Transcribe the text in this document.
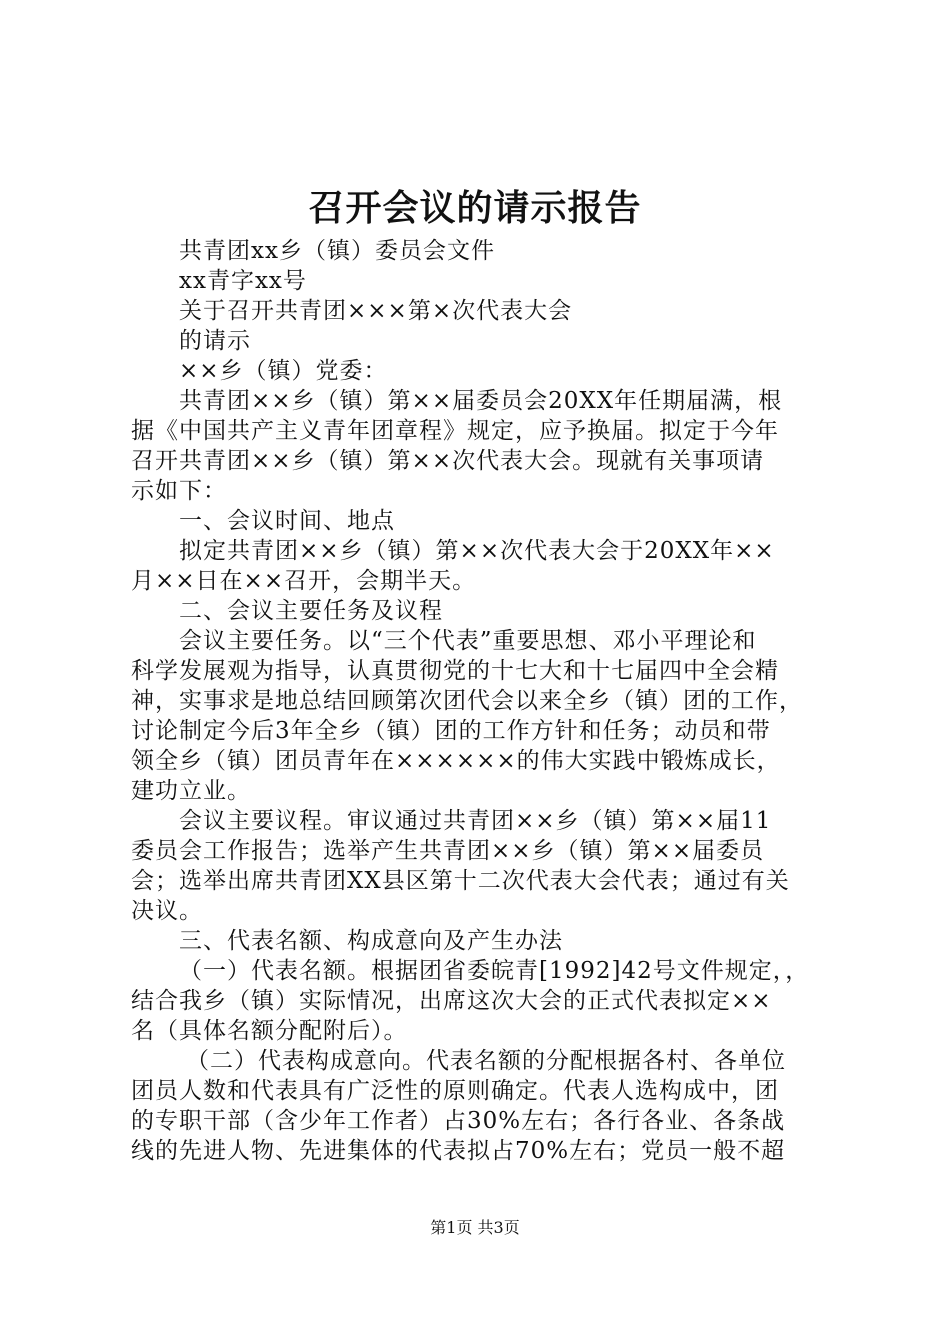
召开会议的请示报告
共青团xx乡（镇）委员会文件
xx青字xx号
关于召开共青团×××第×次代表大会
的请示
××乡（镇）党委：
共青团××乡（镇）第××届委员会20XX年任期届满，根
据《中国共产主义青年团章程》规定，应予换届。拟定于今年
召开共青团××乡（镇）第××次代表大会。现就有关事项请
示如下：
一、会议时间、地点
拟定共青团××乡（镇）第××次代表大会于20XX年××
月××日在××召开，会期半天。
二、会议主要任务及议程
会议主要任务。以“三个代表”重要思想、邓小平理论和
科学发展观为指导，认真贯彻党的十七大和十七届四中全会精
神，实事求是地总结回顾第次团代会以来全乡（镇）团的工作，
讨论制定今后3年全乡（镇）团的工作方针和任务；动员和带
领全乡（镇）团员青年在××××××的伟大实践中锻炼成长，
建功立业。
会议主要议程。审议通过共青团××乡（镇）第××届11
委员会工作报告；选举产生共青团××乡（镇）第××届委员
会；选举出席共青团XX县区第十二次代表大会代表；通过有关
决议。
三、代表名额、构成意向及产生办法
（一）代表名额。根据团省委皖青[1992]42号文件规定，，
结合我乡（镇）实际情况，出席这次大会的正式代表拟定××
名（具体名额分配附后）。
（二）代表构成意向。代表名额的分配根据各村、各单位
团员人数和代表具有广泛性的原则确定。代表人选构成中，团
的专职干部（含少年工作者）占30%左右；各行各业、各条战
线的先进人物、先进集体的代表拟占70%左右；党员一般不超
第1页 共3页
